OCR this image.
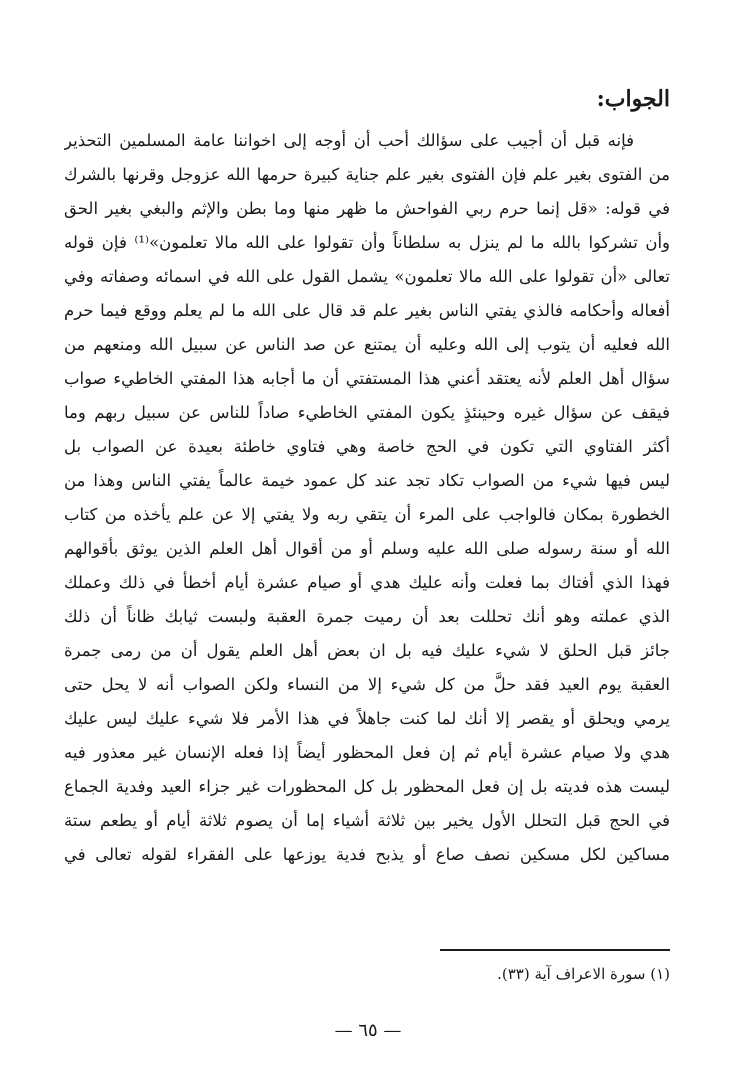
الجواب:
فإنه قبل أن أجيب على سؤالك أحب أن أوجه إلى اخواننا عامة المسلمين التحذير
من الفتوى بغير علم فإن الفتوى بغير علم جناية كبيرة حرمها الله عزوجل وقرنها بالشرك
في قوله: «قل إنما حرم ربي الفواحش ما ظهر منها وما بطن والإثم والبغي بغير الحق
وأن تشركوا بالله ما لم ينزل به سلطاناً وأن تقولوا على الله مالا تعلمون»⁽¹⁾ فإن قوله
تعالى «أن تقولوا على الله مالا تعلمون» يشمل القول على الله في اسمائه وصفاته وفي
أفعاله وأحكامه فالذي يفتي الناس بغير علم قد قال على الله ما لم يعلم ووقع فيما حرم
الله فعليه أن يتوب إلى الله وعليه أن يمتنع عن صد الناس عن سبيل الله ومنعهم من
سؤال أهل العلم لأنه يعتقد أعني هذا المستفتي أن ما أجابه هذا المفتي الخاطيء صواب
فيقف عن سؤال غيره وحينئذٍ يكون المفتي الخاطيء صاداً للناس عن سبيل ربهم وما
أكثر الفتاوي التي تكون في الحج خاصة وهي فتاوي خاطئة بعيدة عن الصواب بل
ليس فيها شيء من الصواب تكاد تجد عند كل عمود خيمة عالماً يفتي الناس وهذا من
الخطورة بمكان فالواجب على المرء أن يتقي ربه ولا يفتي إلا عن علم يأخذه من كتاب
الله أو سنة رسوله صلى الله عليه وسلم أو من أقوال أهل العلم الذين يوثق بأقوالهم
فهذا الذي أفتاك بما فعلت وأنه عليك هدي أو صيام عشرة أيام أخطأ في ذلك وعملك
الذي عملته وهو أنك تحللت بعد أن رميت جمرة العقبة ولبست ثيابك ظاناً أن ذلك
جائز قبل الحلق لا شيء عليك فيه بل ان بعض أهل العلم يقول أن من رمى جمرة
العقبة يوم العيد فقد حلَّ من كل شيء إلا من النساء ولكن الصواب أنه لا يحل حتى
يرمي ويحلق أو يقصر إلا أنك لما كنت جاهلاً في هذا الأمر فلا شيء عليك ليس عليك
هدي ولا صيام عشرة أيام ثم إن فعل المحظور أيضاً إذا فعله الإنسان غير معذور فيه
ليست هذه فديته بل إن فعل المحظور بل كل المحظورات غير جزاء العيد وفدية الجماع
في الحج قبل التحلل الأول يخير بين ثلاثة أشياء إما أن يصوم ثلاثة أيام أو يطعم ستة
مساكين لكل مسكين نصف صاع أو يذبح فدية يوزعها على الفقراء لقوله تعالى في
(١) سورة الاعراف آية (٣٣).
— ٦٥ —
